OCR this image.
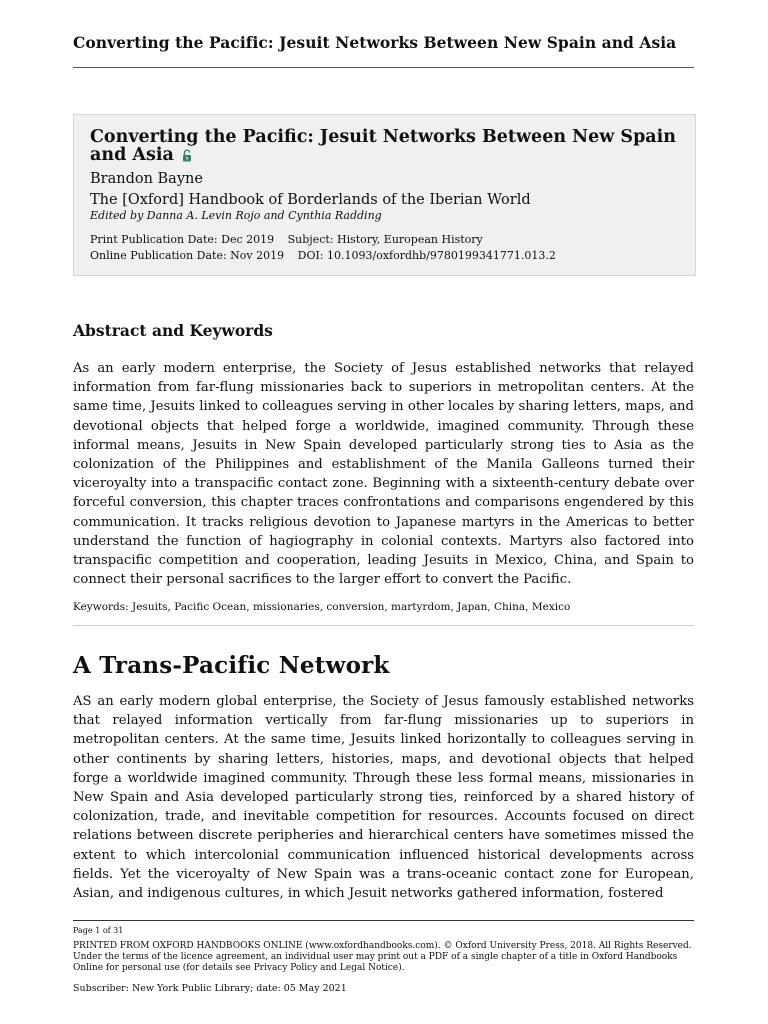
Converting the Pacific: Jesuit Networks Between New Spain and Asia
Converting the Pacific: Jesuit Networks Between New Spain and Asia
Brandon Bayne
The [Oxford] Handbook of Borderlands of the Iberian World
Edited by Danna A. Levin Rojo and Cynthia Radding
Print Publication Date: Dec 2019 Subject: History, European History
Online Publication Date: Nov 2019 DOI: 10.1093/oxfordhb/9780199341771.013.2
Abstract and Keywords

As an early modern enterprise, the Society of Jesus established networks that relayed information from far-flung missionaries back to superiors in metropolitan centers. At the same time, Jesuits linked to colleagues serving in other locales by sharing letters, maps, and devotional objects that helped forge a worldwide, imagined community. Through these informal means, Jesuits in New Spain developed particularly strong ties to Asia as the colonization of the Philippines and establishment of the Manila Galleons turned their viceroyalty into a transpacific contact zone. Beginning with a sixteenth-century debate over forceful conversion, this chapter traces confrontations and comparisons engendered by this communication. It tracks religious devotion to Japanese martyrs in the Americas to better understand the function of hagiography in colonial contexts. Martyrs also factored into transpacific competition and cooperation, leading Jesuits in Mexico, China, and Spain to connect their personal sacrifices to the larger effort to convert the Pacific.

Keywords: Jesuits, Pacific Ocean, missionaries, conversion, martyrdom, Japan, China, Mexico

A Trans-Pacific Network

AS an early modern global enterprise, the Society of Jesus famously established networks that relayed information vertically from far-flung missionaries up to superiors in metropolitan centers. At the same time, Jesuits linked horizontally to colleagues serving in other continents by sharing letters, histories, maps, and devotional objects that helped forge a worldwide imagined community. Through these less formal means, missionaries in New Spain and Asia developed particularly strong ties, reinforced by a shared history of colonization, trade, and inevitable competition for resources. Accounts focused on direct relations between discrete peripheries and hierarchical centers have sometimes missed the extent to which intercolonial communication influenced historical developments across fields. Yet the viceroyalty of New Spain was a trans-oceanic contact zone for European, Asian, and indigenous cultures, in which Jesuit networks gathered information, fostered

Page 1 of 31
PRINTED FROM OXFORD HANDBOOKS ONLINE (www.oxfordhandbooks.com). © Oxford University Press, 2018. All Rights Reserved. Under the terms of the licence agreement, an individual user may print out a PDF of a single chapter of a title in Oxford Handbooks Online for personal use (for details see Privacy Policy and Legal Notice).
Subscriber: New York Public Library; date: 05 May 2021
